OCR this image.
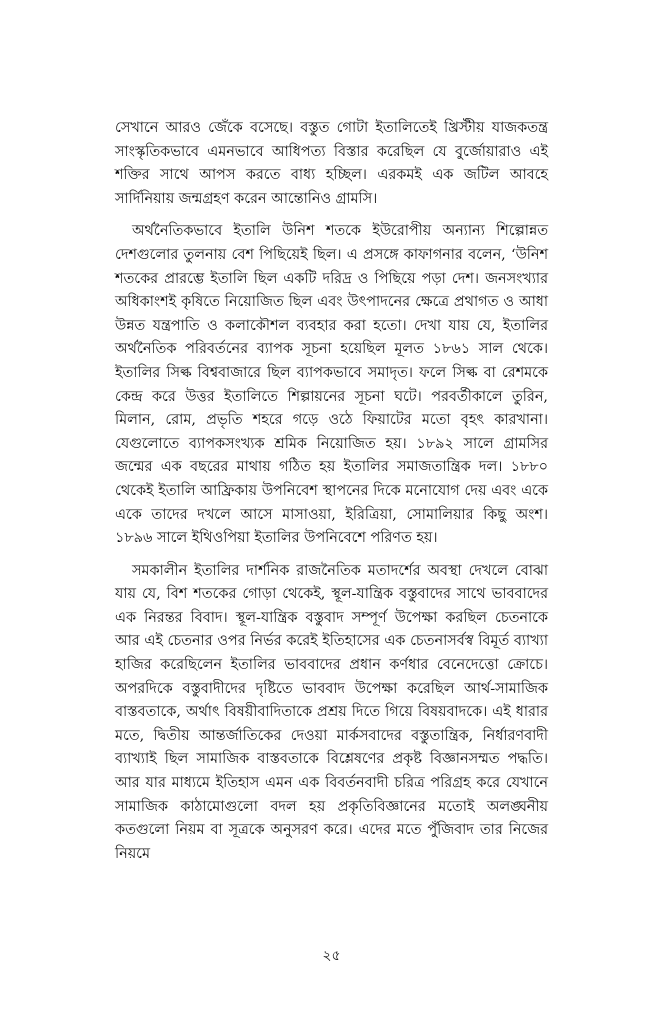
সেখানে আরও জেঁকে বসেছে। বস্তুত গোটা ইতালিতেই খ্রিস্টীয় যাজকতন্ত্র সাংস্কৃতিকভাবে এমনভাবে আধিপত্য বিস্তার করেছিল যে বুর্জোয়ারাও এই শক্তির সাথে আপস করতে বাধ্য হচ্ছিল। এরকমই এক জটিল আবহে সার্দিনিয়ায় জন্মগ্রহণ করেন আন্তোনিও গ্রামসি।

অর্থনৈতিকভাবে ইতালি উনিশ শতকে ইউরোপীয় অন্যান্য শিল্পোন্নত দেশগুলোর তুলনায় বেশ পিছিয়েই ছিল। এ প্রসঙ্গে কাফাগনার বলেন, ‘উনিশ শতকের প্রারম্ভে ইতালি ছিল একটি দরিদ্র ও পিছিয়ে পড়া দেশ। জনসংখ্যার অধিকাংশই কৃষিতে নিয়োজিত ছিল এবং উৎপাদনের ক্ষেত্রে প্রথাগত ও আধা উন্নত যন্ত্রপাতি ও কলাকৌশল ব্যবহার করা হতো। দেখা যায় যে, ইতালির অর্থনৈতিক পরিবর্তনের ব্যাপক সূচনা হয়েছিল মূলত ১৮৬১ সাল থেকে। ইতালির সিল্ক বিশ্ববাজারে ছিল ব্যাপকভাবে সমাদৃত। ফলে সিল্ক বা রেশমকে কেন্দ্র করে উত্তর ইতালিতে শিল্পায়নের সূচনা ঘটে। পরবর্তীকালে তুরিন, মিলান, রোম, প্রভৃতি শহরে গড়ে ওঠে ফিয়াটের মতো বৃহৎ কারখানা। যেগুলোতে ব্যাপকসংখ্যক শ্রমিক নিয়োজিত হয়। ১৮৯২ সালে গ্রামসির জন্মের এক বছরের মাথায় গঠিত হয় ইতালির সমাজতান্ত্রিক দল। ১৮৮০ থেকেই ইতালি আফ্রিকায় উপনিবেশ স্থাপনের দিকে মনোযোগ দেয় এবং একে একে তাদের দখলে আসে মাসাওয়া, ইরিত্রিয়া, সোমালিয়ার কিছু অংশ। ১৮৯৬ সালে ইথিওপিয়া ইতালির উপনিবেশে পরিণত হয়।

সমকালীন ইতালির দার্শনিক রাজনৈতিক মতাদর্শের অবস্থা দেখলে বোঝা যায় যে, বিশ শতকের গোড়া থেকেই, স্থূল-যান্ত্রিক বস্তুবাদের সাথে ভাববাদের এক নিরন্তর বিবাদ। স্থূল-যান্ত্রিক বস্তুবাদ সম্পূর্ণ উপেক্ষা করছিল চেতনাকে আর এই চেতনার ওপর নির্ভর করেই ইতিহাসের এক চেতনাসর্বস্ব বিমূর্ত ব্যাখ্যা হাজির করেছিলেন ইতালির ভাববাদের প্রধান কর্ণধার বেনেদেত্তো ক্রোচে। অপরদিকে বস্তুবাদীদের দৃষ্টিতে ভাববাদ উপেক্ষা করেছিল আর্থ-সামাজিক বাস্তবতাকে, অর্থাৎ বিষয়ীবাদিতাকে প্রশ্রয় দিতে গিয়ে বিষয়বাদকে। এই ধারার মতে, দ্বিতীয় আন্তর্জাতিকের দেওয়া মার্কসবাদের বস্তুতান্ত্রিক, নির্ধারণবাদী ব্যাখ্যাই ছিল সামাজিক বাস্তবতাকে বিশ্লেষণের প্রকৃষ্ট বিজ্ঞানসম্মত পদ্ধতি। আর যার মাধ্যমে ইতিহাস এমন এক বিবর্তনবাদী চরিত্র পরিগ্রহ করে যেখানে সামাজিক কাঠামোগুলো বদল হয় প্রকৃতিবিজ্ঞানের মতোই অলঙ্ঘনীয় কতগুলো নিয়ম বা সূত্রকে অনুসরণ করে। এদের মতে পুঁজিবাদ তার নিজের নিয়মে

২৫
